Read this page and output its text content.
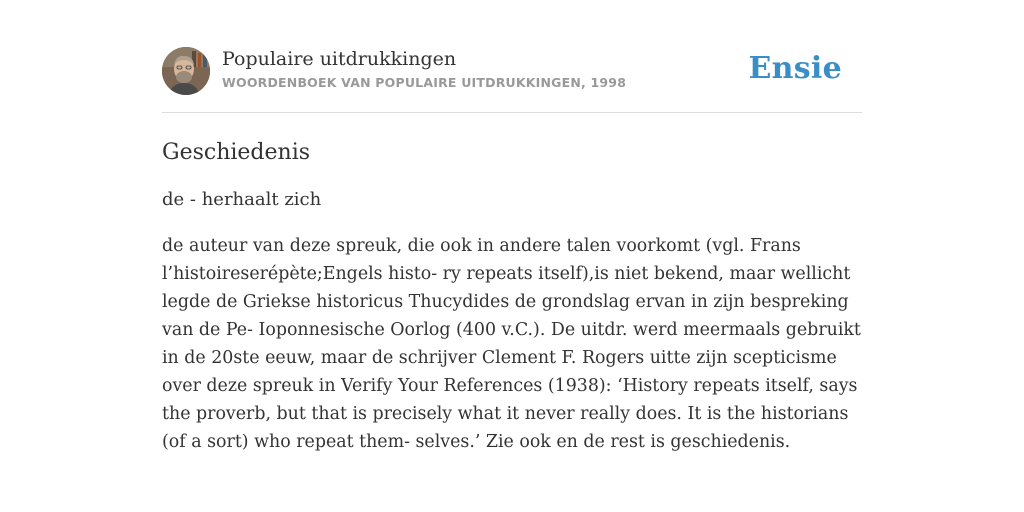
Populaire uitdrukkingen
WOORDENBOEK VAN POPULAIRE UITDRUKKINGEN, 1998	Ensie
Geschiedenis
de - herhaalt zich
de auteur van deze spreuk, die ook in andere talen voorkomt (vgl. Frans l’histoireserépète;Engels histo- ry repeats itself),is niet bekend, maar wellicht legde de Griekse historicus Thucydides de grondslag ervan in zijn bespreking van de Pe- Ioponnesische Oorlog (400 v.C.). De uitdr. werd meermaals gebruikt in de 20ste eeuw, maar de schrijver Clement F. Rogers uitte zijn scepticisme over deze spreuk in Verify Your References (1938): ‘History repeats itself, says the proverb, but that is precisely what it never really does. It is the historians (of a sort) who repeat them- selves.’ Zie ook en de rest is geschiedenis.
